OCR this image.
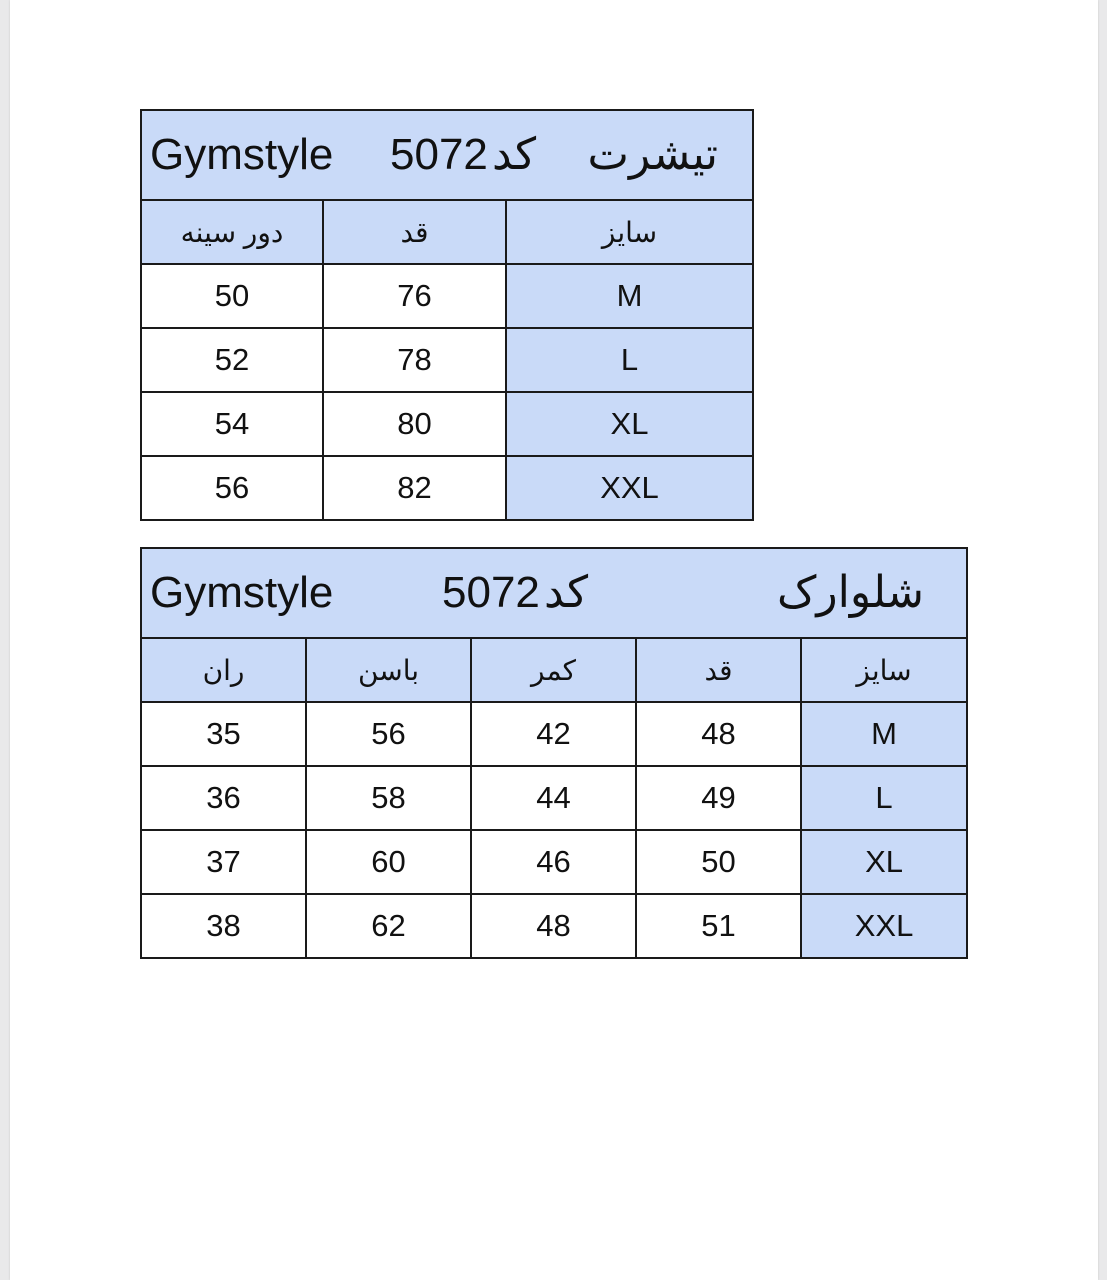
Gymstyle 5072 کد تیشرت		

دور سینه	قد	سایز
50	76	M
52	78	L
54	80	XL
56	82	XXL
Gymstyle 5072 کد شلوارک				

ران	باسن	کمر	قد	سایز
35	56	42	48	M
36	58	44	49	L
37	60	46	50	XL
38	62	48	51	XXL
